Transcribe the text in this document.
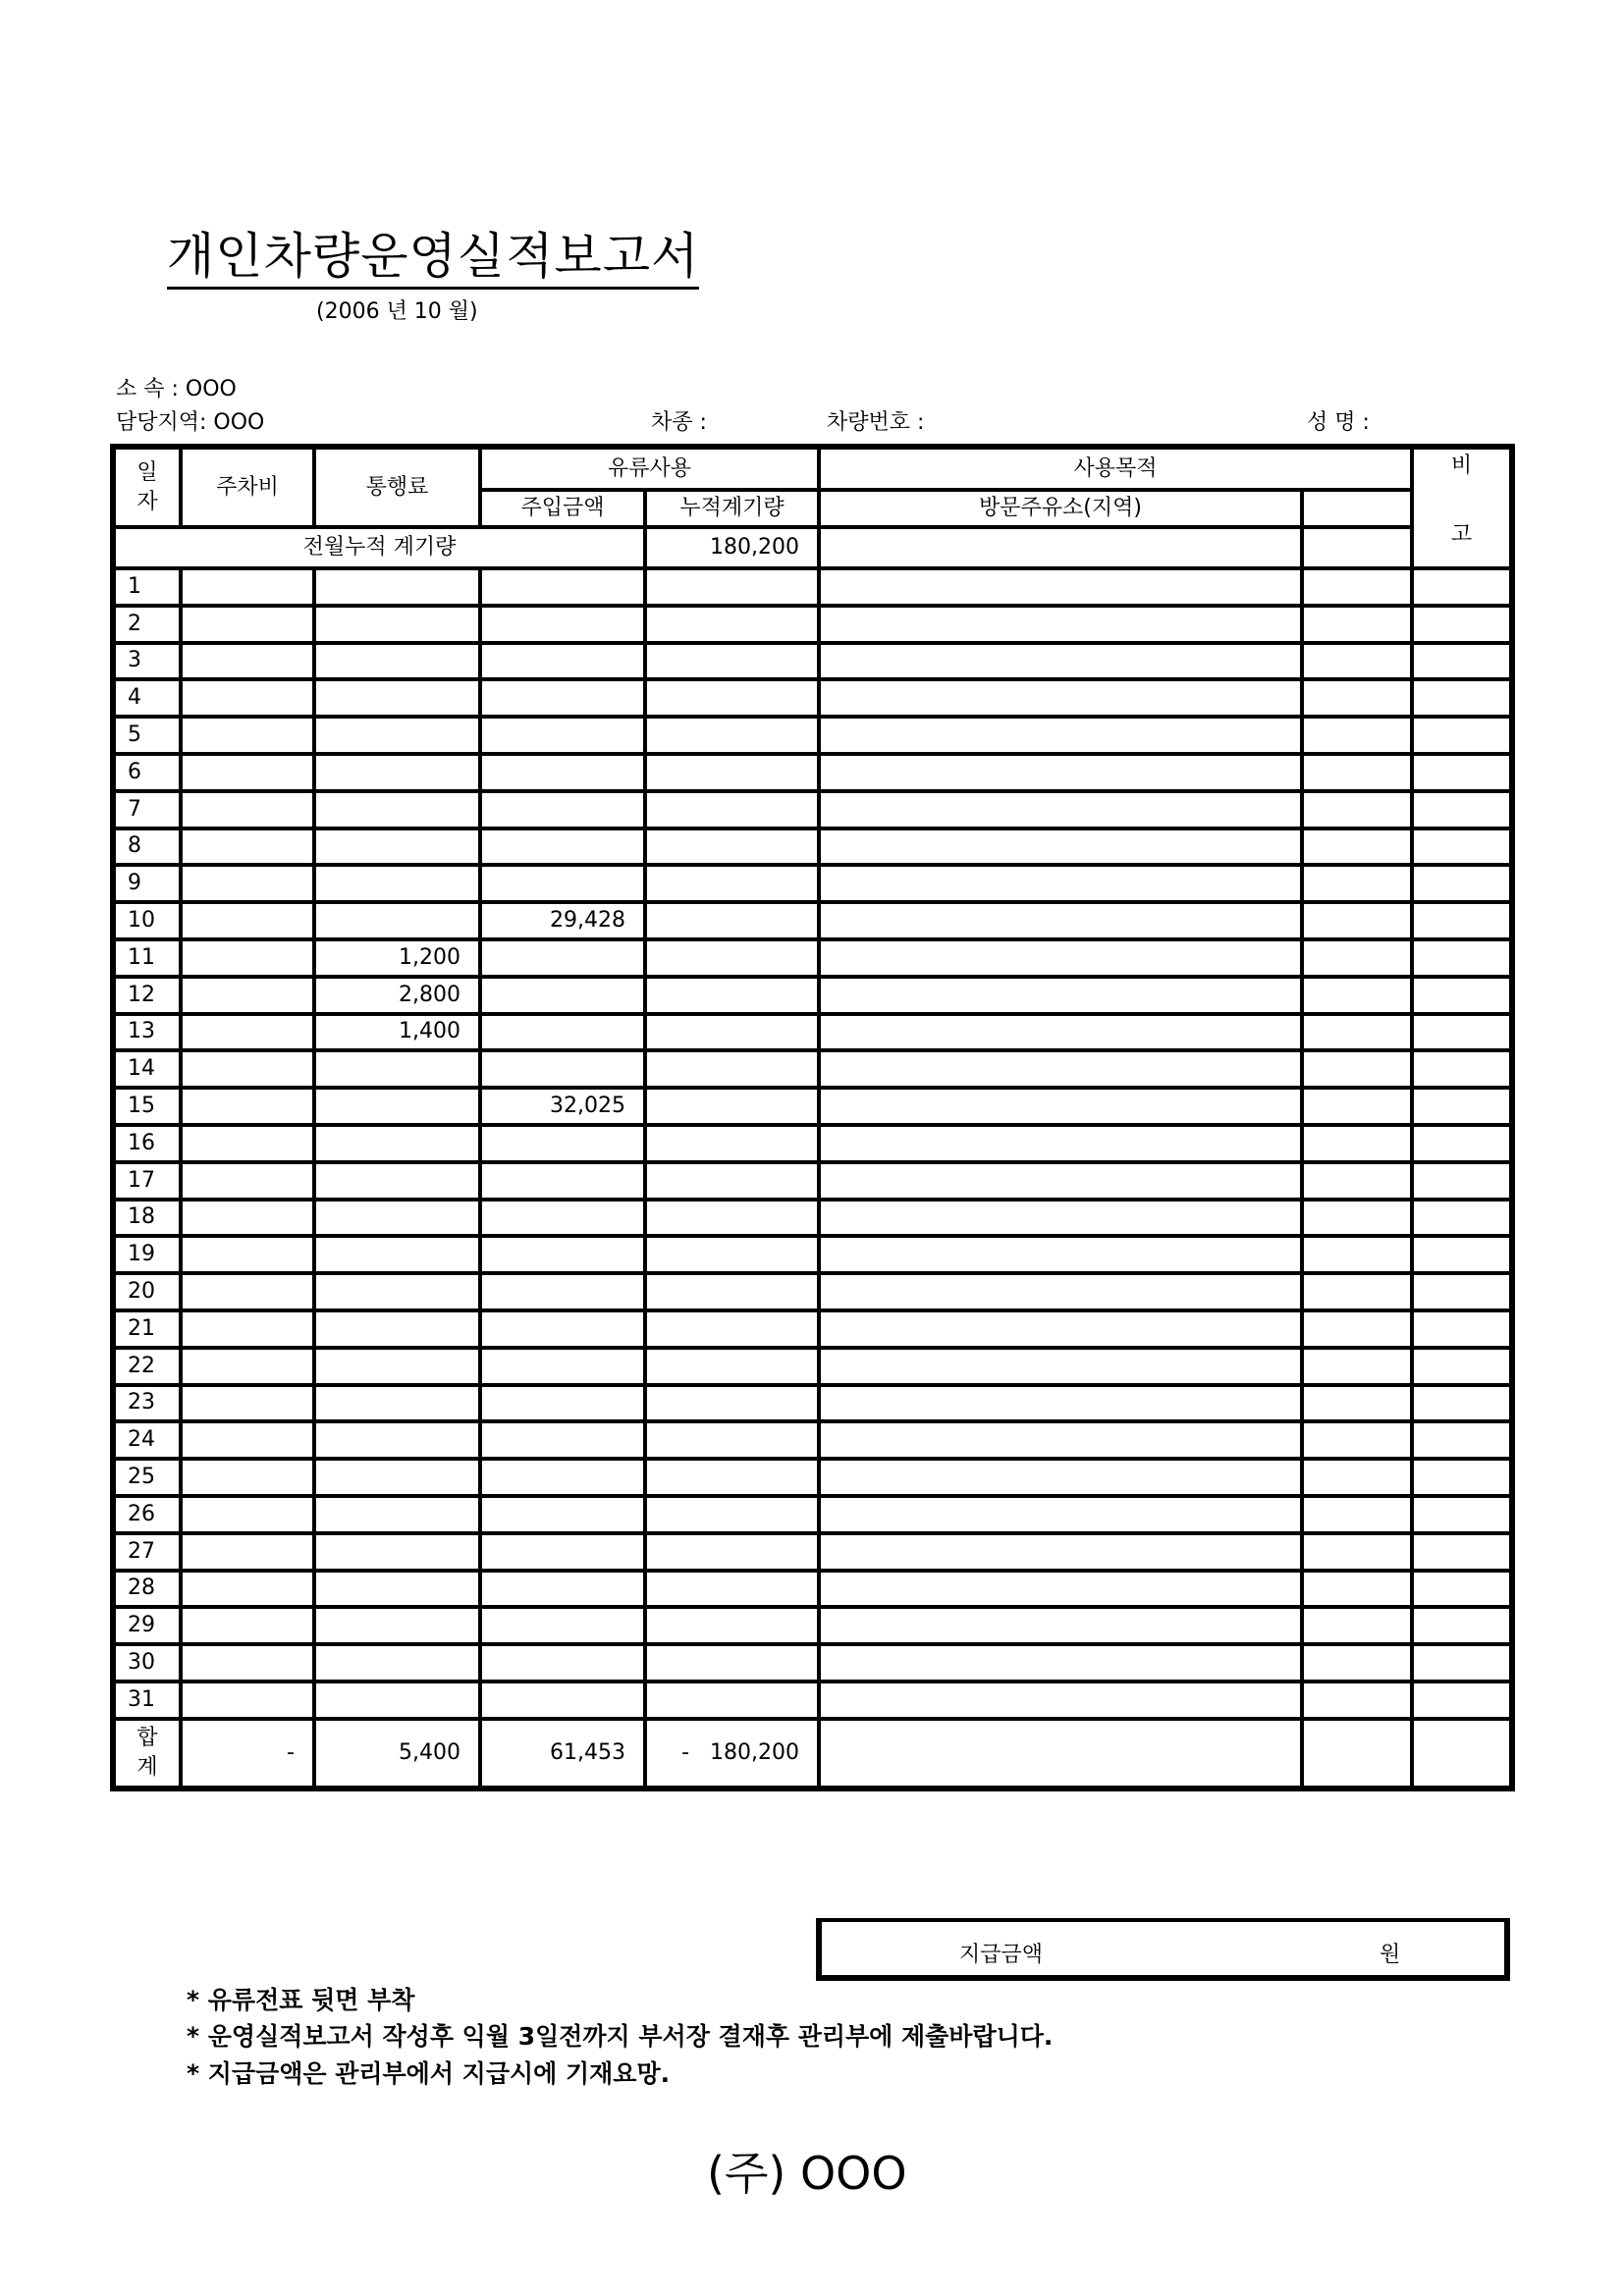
개인차량운영실적보고서
(2006 년 10 월)
소 속 : OOO
담당지역: OOO	차종 :	차량번호 :	성 명 :
일
자
	주차비	통행료	유류사용	사용목적	비
고

			주입금액	누적계기량	방문주유소(지역)		
전월누적 계기량				180,200			
1							
2							
3							
4							
5							
6							
7							
8							
9							
10			29,428				
11		1,200					
12		2,800					
13		1,400					
14							
15			32,025				
16							
17							
18							
19							
20							
21							
22							
23							
24							
25							
26							
27							
28							
29							
30							
31							

합
계	-	5,400	61,453	-   180,200			
지급금액	원
* 유류전표 뒷면 부착
* 운영실적보고서 작성후 익월 3일전까지 부서장 결재후 관리부에 제출바랍니다.
* 지급금액은 관리부에서 지급시에 기재요망.
(주) OOO
